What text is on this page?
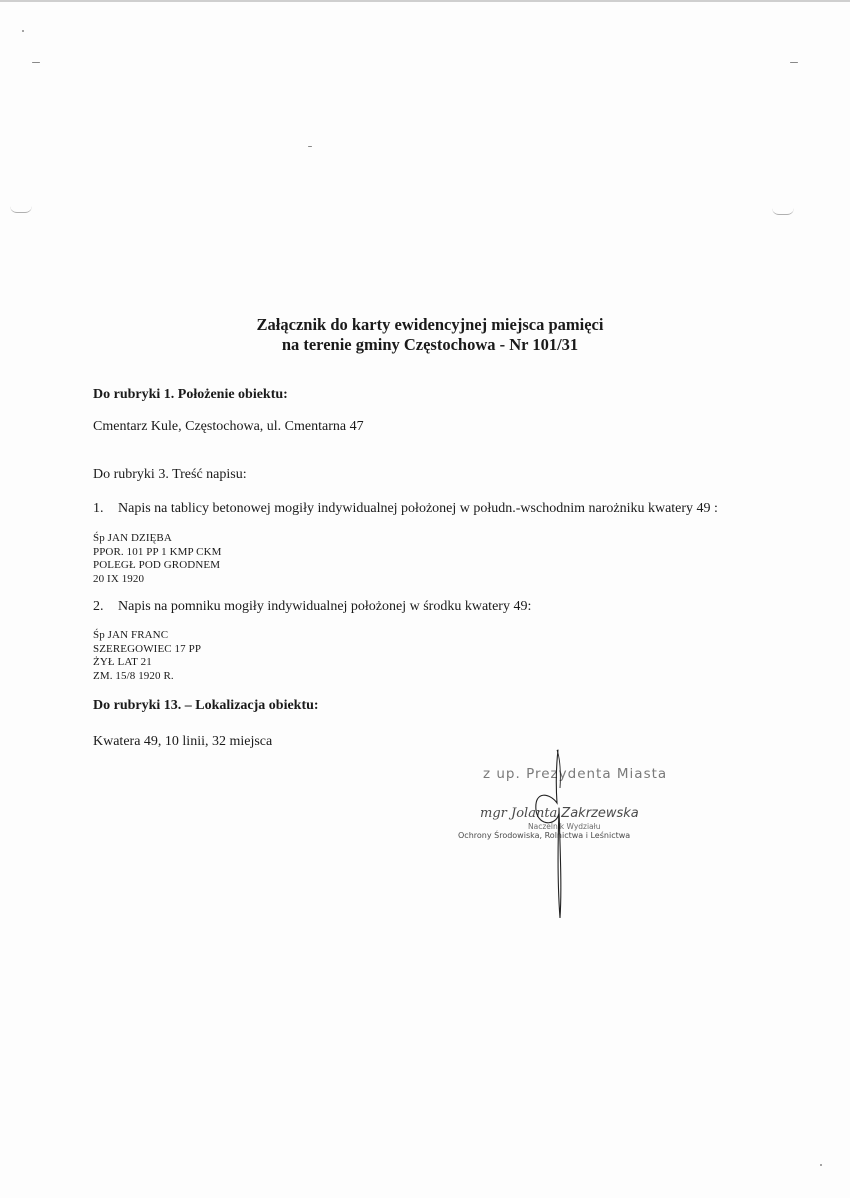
Załącznik do karty ewidencyjnej miejsca pamięci
na terenie gminy Częstochowa - Nr 101/31
Do rubryki 1. Położenie obiektu:
Cmentarz Kule, Częstochowa, ul. Cmentarna 47
Do rubryki 3. Treść napisu:
1. Napis na tablicy betonowej mogiły indywidualnej położonej w połudn.-wschodnim narożniku kwatery 49 :
Śp JAN DZIĘBA
PPOR. 101 PP 1 KMP CKM
POLEGŁ POD GRODNEM
20 IX 1920
2. Napis na pomniku mogiły indywidualnej położonej w środku kwatery 49:
Śp JAN FRANC
SZEREGOWIEC 17 PP
ŻYŁ LAT 21
ZM. 15/8 1920 R.
Do rubryki 13. – Lokalizacja obiektu:
Kwatera 49, 10 linii, 32 miejsca
z up. Prezydenta Miasta
mgr Jolanta Zakrzewska
Naczelnik Wydziału
Ochrony Środowiska, Rolnictwa i Leśnictwa
